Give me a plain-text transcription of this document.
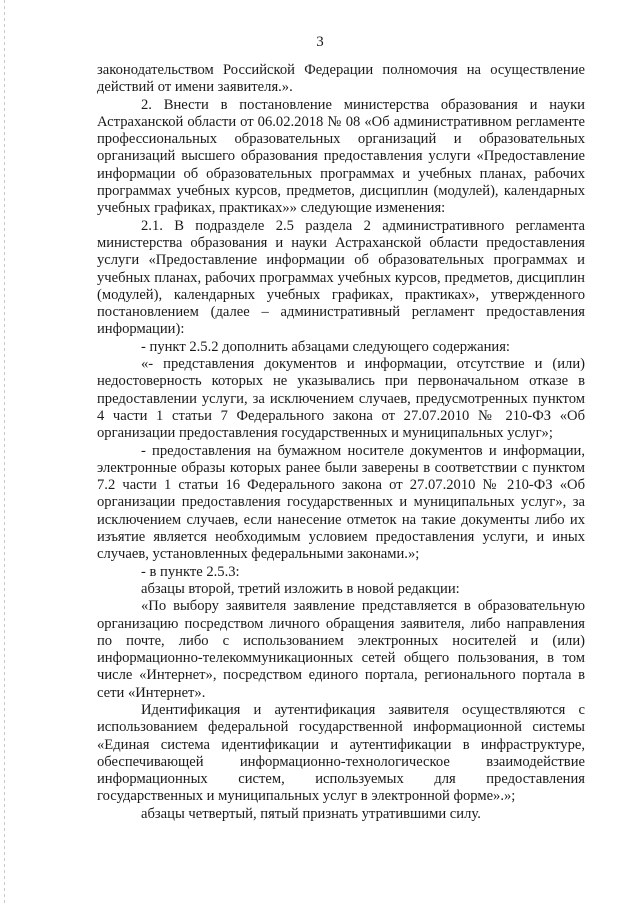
3

законодательством Российской Федерации полномочия на осуществление действий от имени заявителя.».

2. Внести в постановление министерства образования и науки Астраханской области от 06.02.2018 № 08 «Об административном регламенте профессиональных образовательных организаций и образовательных организаций высшего образования предоставления услуги «Предоставление информации об образовательных программах и учебных планах, рабочих программах учебных курсов, предметов, дисциплин (модулей), календарных учебных графиках, практиках»» следующие изменения:

2.1. В подразделе 2.5 раздела 2 административного регламента министерства образования и науки Астраханской области предоставления услуги «Предоставление информации об образовательных программах и учебных планах, рабочих программах учебных курсов, предметов, дисциплин (модулей), календарных учебных графиках, практиках», утвержденного постановлением (далее – административный регламент предоставления информации):

- пункт 2.5.2 дополнить абзацами следующего содержания:

«- представления документов и информации, отсутствие и (или) недостоверность которых не указывались при первоначальном отказе в предоставлении услуги, за исключением случаев, предусмотренных пунктом 4 части 1 статьи 7 Федерального закона от 27.07.2010 № 210-ФЗ «Об организации предоставления государственных и муниципальных услуг»;

- предоставления на бумажном носителе документов и информации, электронные образы которых ранее были заверены в соответствии с пунктом 7.2 части 1 статьи 16 Федерального закона от 27.07.2010 № 210-ФЗ «Об организации предоставления государственных и муниципальных услуг», за исключением случаев, если нанесение отметок на такие документы либо их изъятие является необходимым условием предоставления услуги, и иных случаев, установленных федеральными законами.»;

- в пункте 2.5.3:

абзацы второй, третий изложить в новой редакции:

«По выбору заявителя заявление представляется в образовательную организацию посредством личного обращения заявителя, либо направления по почте, либо с использованием электронных носителей и (или) информационно-телекоммуникационных сетей общего пользования, в том числе «Интернет», посредством единого портала, регионального портала в сети «Интернет».

Идентификация и аутентификация заявителя осуществляются с использованием федеральной государственной информационной системы «Единая система идентификации и аутентификации в инфраструктуре, обеспечивающей информационно-технологическое взаимодействие информационных систем, используемых для предоставления государственных и муниципальных услуг в электронной форме».»;

абзацы четвертый, пятый признать утратившими силу.
